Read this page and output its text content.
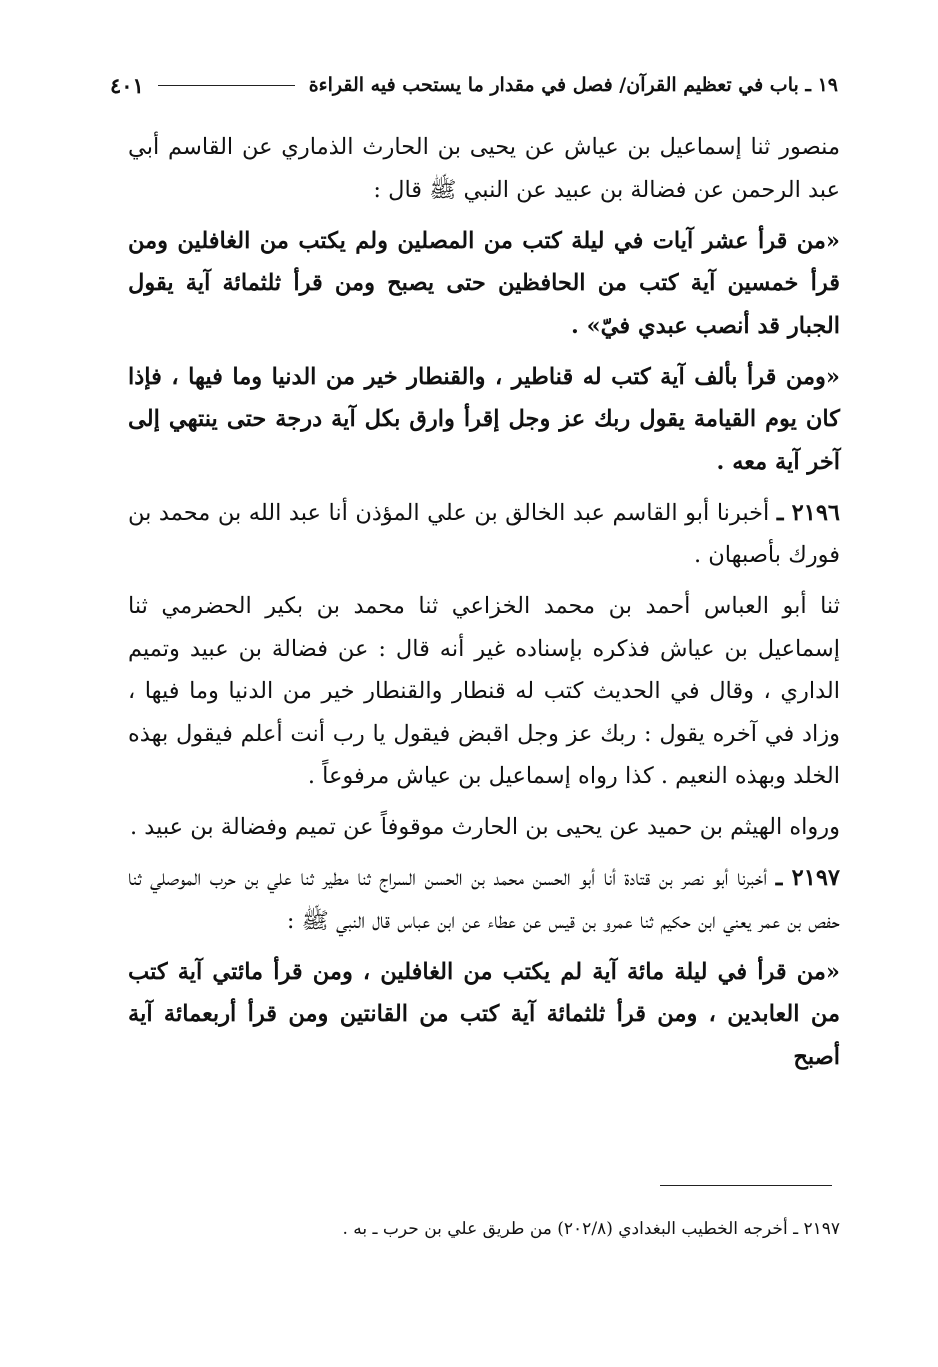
١٩ ـ باب في تعظيم القرآن/ فصل في مقدار ما يستحب فيه القراءة
٤٠١

منصور ثنا إسماعيل بن عياش عن يحيى بن الحارث الذماري عن القاسم أبي عبد الرحمن عن فضالة بن عبيد عن النبي ﷺ قال :

«من قرأ عشر آيات في ليلة كتب من المصلين ولم يكتب من الغافلين ومن قرأ خمسين آية كتب من الحافظين حتى يصبح ومن قرأ ثلثمائة آية يقول الجبار قد أنصب عبدي فيّ» .

«ومن قرأ بألف آية كتب له قناطير ، والقنطار خير من الدنيا وما فيها ، فإذا كان يوم القيامة يقول ربك عز وجل إقرأ وارق بكل آية درجة حتى ينتهي إلى آخر آية معه .

٢١٩٦ ـ أخبرنا أبو القاسم عبد الخالق بن علي المؤذن أنا عبد الله بن محمد بن فورك بأصبهان .

ثنا أبو العباس أحمد بن محمد الخزاعي ثنا محمد بن بكير الحضرمي ثنا إسماعيل بن عياش فذكره بإسناده غير أنه قال : عن فضالة بن عبيد وتميم الداري ، وقال في الحديث كتب له قنطار والقنطار خير من الدنيا وما فيها ، وزاد في آخره يقول : ربك عز وجل اقبض فيقول يا رب أنت أعلم فيقول بهذه الخلد وبهذه النعيم . كذا رواه إسماعيل بن عياش مرفوعاً .

ورواه الهيثم بن حميد عن يحيى بن الحارث موقوفاً عن تميم وفضالة بن عبيد .

٢١٩٧ ـ أخبرنا أبو نصر بن قتادة أنا أبو الحسن محمد بن الحسن السراج ثنا مطير ثنا علي بن حرب الموصلي ثنا حفص بن عمر يعني ابن حكيم ثنا عمرو بن قيس عن عطاء عن ابن عباس قال النبي ﷺ :

«من قرأ في ليلة مائة آية لم يكتب من الغافلين ، ومن قرأ مائتي آية كتب من العابدين ، ومن قرأ ثلثمائة آية كتب من القانتين ومن قرأ أربعمائة آية أصبح

٢١٩٧ ـ أخرجه الخطيب البغدادي (٢٠٢/٨) من طريق علي بن حرب ـ به .
